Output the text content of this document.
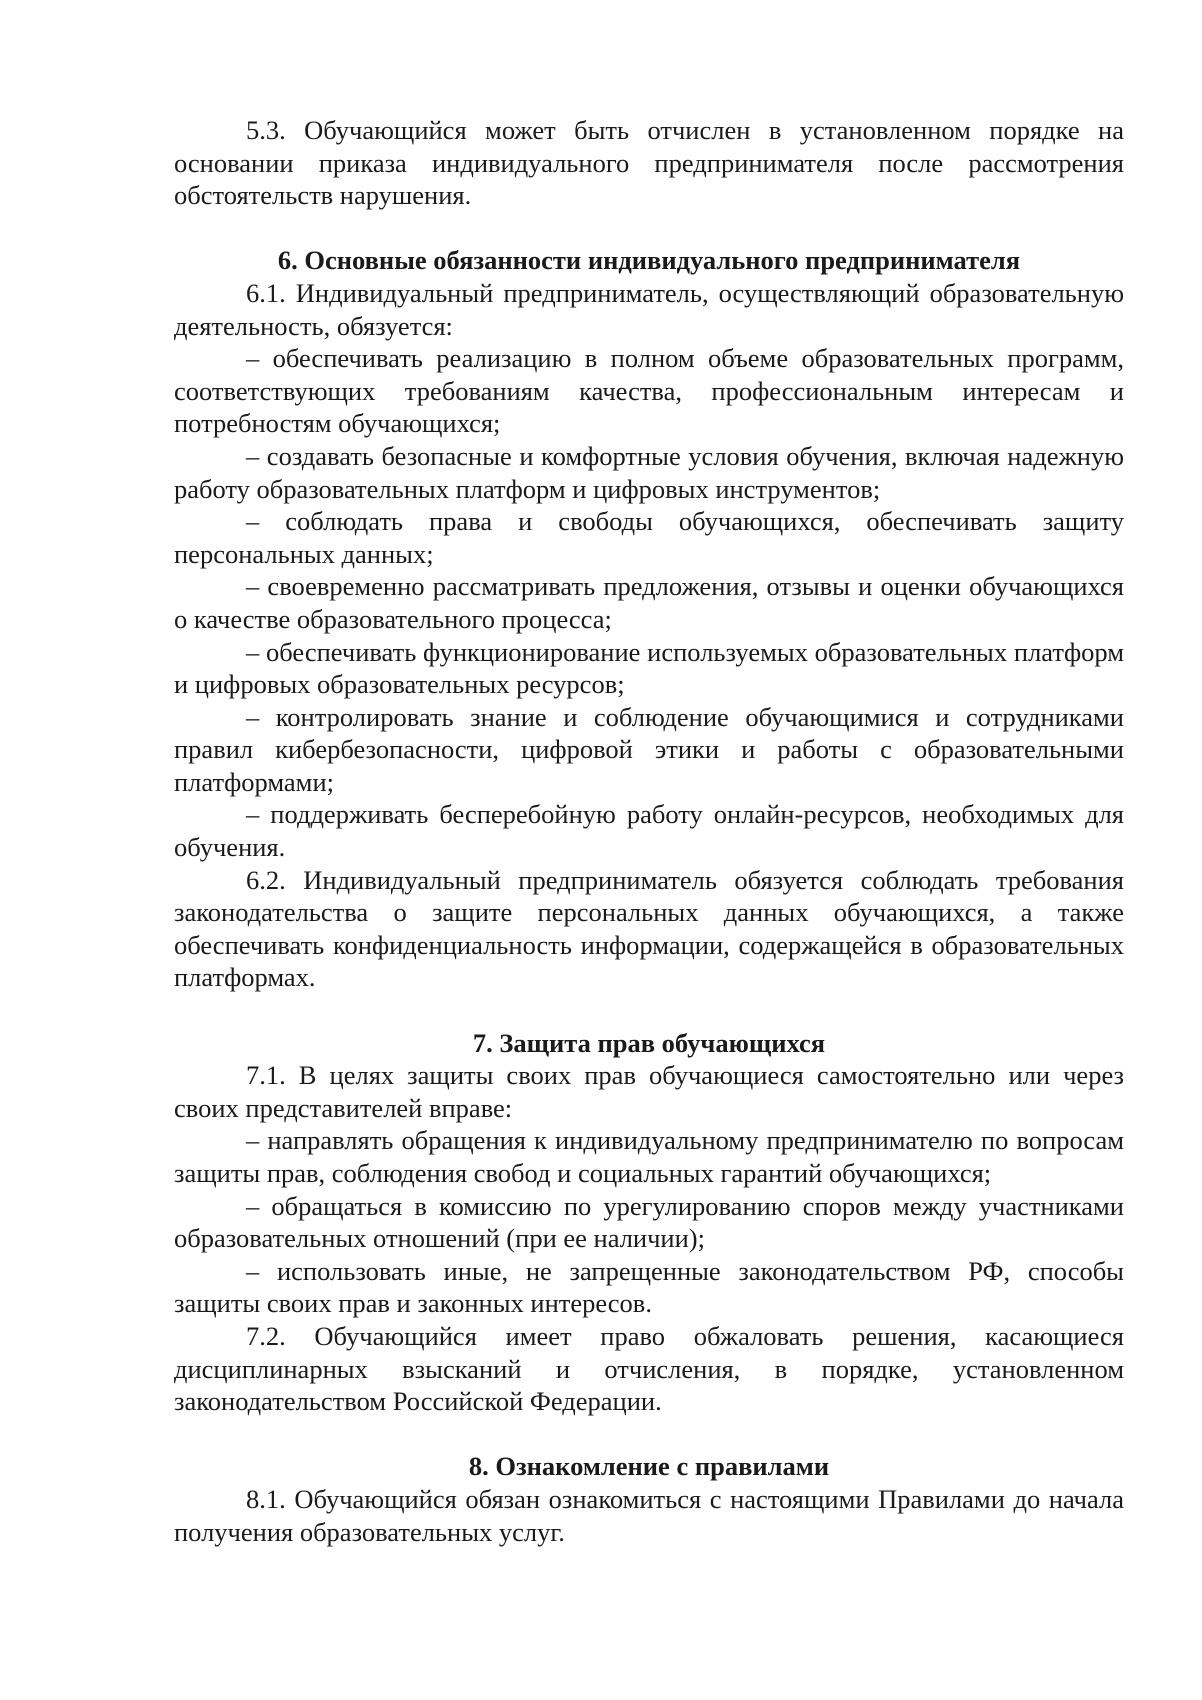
5.3. Обучающийся может быть отчислен в установленном порядке на основании приказа индивидуального предпринимателя после рассмотрения обстоятельств нарушения.

6. Основные обязанности индивидуального предпринимателя

6.1. Индивидуальный предприниматель, осуществляющий образовательную деятельность, обязуется:

– обеспечивать реализацию в полном объеме образовательных программ, соответствующих требованиям качества, профессиональным интересам и потребностям обучающихся;

– создавать безопасные и комфортные условия обучения, включая надежную работу образовательных платформ и цифровых инструментов;

– соблюдать права и свободы обучающихся, обеспечивать защиту персональных данных;

– своевременно рассматривать предложения, отзывы и оценки обучающихся о качестве образовательного процесса;

– обеспечивать функционирование используемых образовательных платформ и цифровых образовательных ресурсов;

– контролировать знание и соблюдение обучающимися и сотрудниками правил кибербезопасности, цифровой этики и работы с образовательными платформами;

– поддерживать бесперебойную работу онлайн-ресурсов, необходимых для обучения.

6.2. Индивидуальный предприниматель обязуется соблюдать требования законодательства о защите персональных данных обучающихся, а также обеспечивать конфиденциальность информации, содержащейся в образовательных платформах.

7. Защита прав обучающихся

7.1. В целях защиты своих прав обучающиеся самостоятельно или через своих представителей вправе:

– направлять обращения к индивидуальному предпринимателю по вопросам защиты прав, соблюдения свобод и социальных гарантий обучающихся;

– обращаться в комиссию по урегулированию споров между участниками образовательных отношений (при ее наличии);

– использовать иные, не запрещенные законодательством РФ, способы защиты своих прав и законных интересов.

7.2. Обучающийся имеет право обжаловать решения, касающиеся дисциплинарных взысканий и отчисления, в порядке, установленном законодательством Российской Федерации.

8. Ознакомление с правилами

8.1. Обучающийся обязан ознакомиться с настоящими Правилами до начала получения образовательных услуг.
